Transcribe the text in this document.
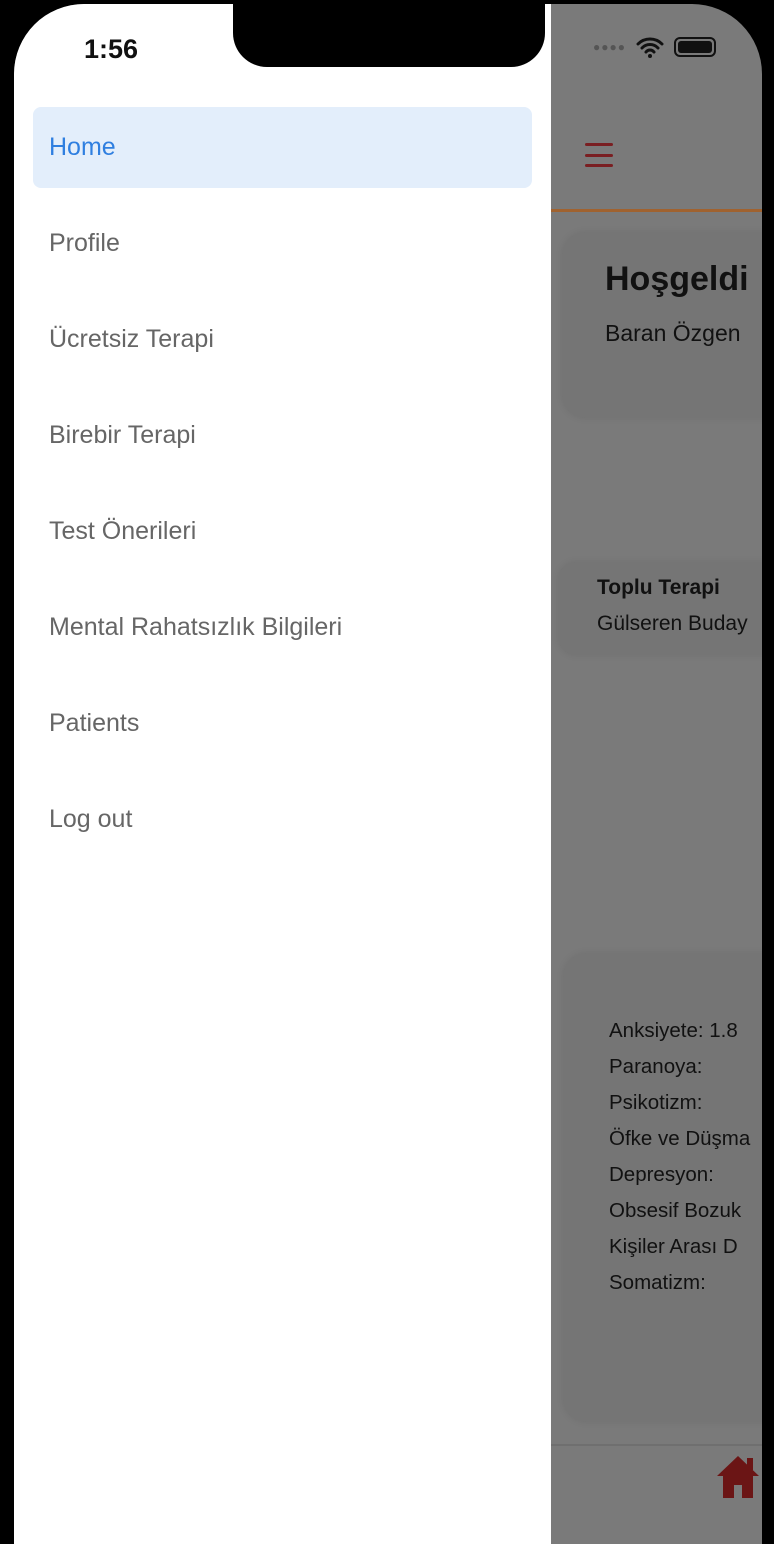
1:56	●●●●
Hoşgeldi

Baran Özgen

Toplu Terapi

Gülseren Buday

Anksiyete: 1.8
Paranoya:
Psikotizm:
Öfke ve Düşma
Depresyon:
Obsesif Bozuk
Kişiler Arası D
Somatizm:
Home
Profile
Ücretsiz Terapi
Birebir Terapi
Test Önerileri
Mental Rahatsızlık Bilgileri
Patients
Log out
